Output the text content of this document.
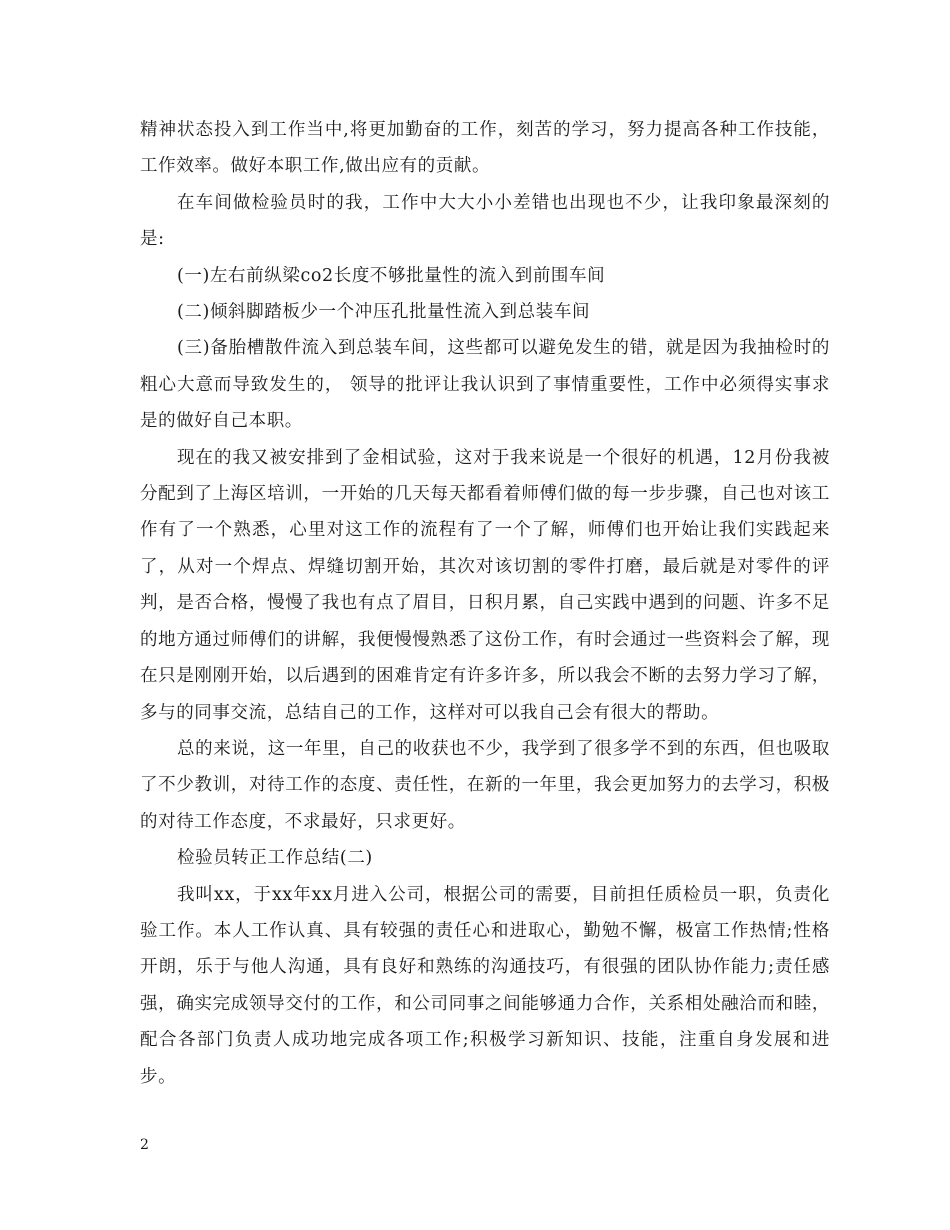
精神状态投入到工作当中,将更加勤奋的工作，刻苦的学习，努力提高各种工作技能，工作效率。做好本职工作,做出应有的贡献。

在车间做检验员时的我，工作中大大小小差错也出现也不少，让我印象最深刻的是:

(一)左右前纵梁co2长度不够批量性的流入到前围车间

(二)倾斜脚踏板少一个冲压孔批量性流入到总装车间

(三)备胎槽散件流入到总装车间，这些都可以避免发生的错，就是因为我抽检时的粗心大意而导致发生的， 领导的批评让我认识到了事情重要性，工作中必须得实事求是的做好自己本职。

现在的我又被安排到了金相试验，这对于我来说是一个很好的机遇，12月份我被分配到了上海区培训，一开始的几天每天都看着师傅们做的每一步步骤，自己也对该工作有了一个熟悉，心里对这工作的流程有了一个了解，师傅们也开始让我们实践起来了，从对一个焊点、焊缝切割开始，其次对该切割的零件打磨，最后就是对零件的评判，是否合格，慢慢了我也有点了眉目，日积月累，自己实践中遇到的问题、许多不足的地方通过师傅们的讲解，我便慢慢熟悉了这份工作，有时会通过一些资料会了解，现在只是刚刚开始，以后遇到的困难肯定有许多许多，所以我会不断的去努力学习了解，多与的同事交流，总结自己的工作，这样对可以我自己会有很大的帮助。

总的来说，这一年里，自己的收获也不少，我学到了很多学不到的东西，但也吸取了不少教训，对待工作的态度、责任性，在新的一年里，我会更加努力的去学习，积极的对待工作态度，不求最好，只求更好。

检验员转正工作总结(二)

我叫xx，于xx年xx月进入公司，根据公司的需要，目前担任质检员一职，负责化验工作。本人工作认真、具有较强的责任心和进取心，勤勉不懈，极富工作热情;性格开朗，乐于与他人沟通，具有良好和熟练的沟通技巧，有很强的团队协作能力;责任感强，确实完成领导交付的工作，和公司同事之间能够通力合作，关系相处融洽而和睦，配合各部门负责人成功地完成各项工作;积极学习新知识、技能，注重自身发展和进步。

2
